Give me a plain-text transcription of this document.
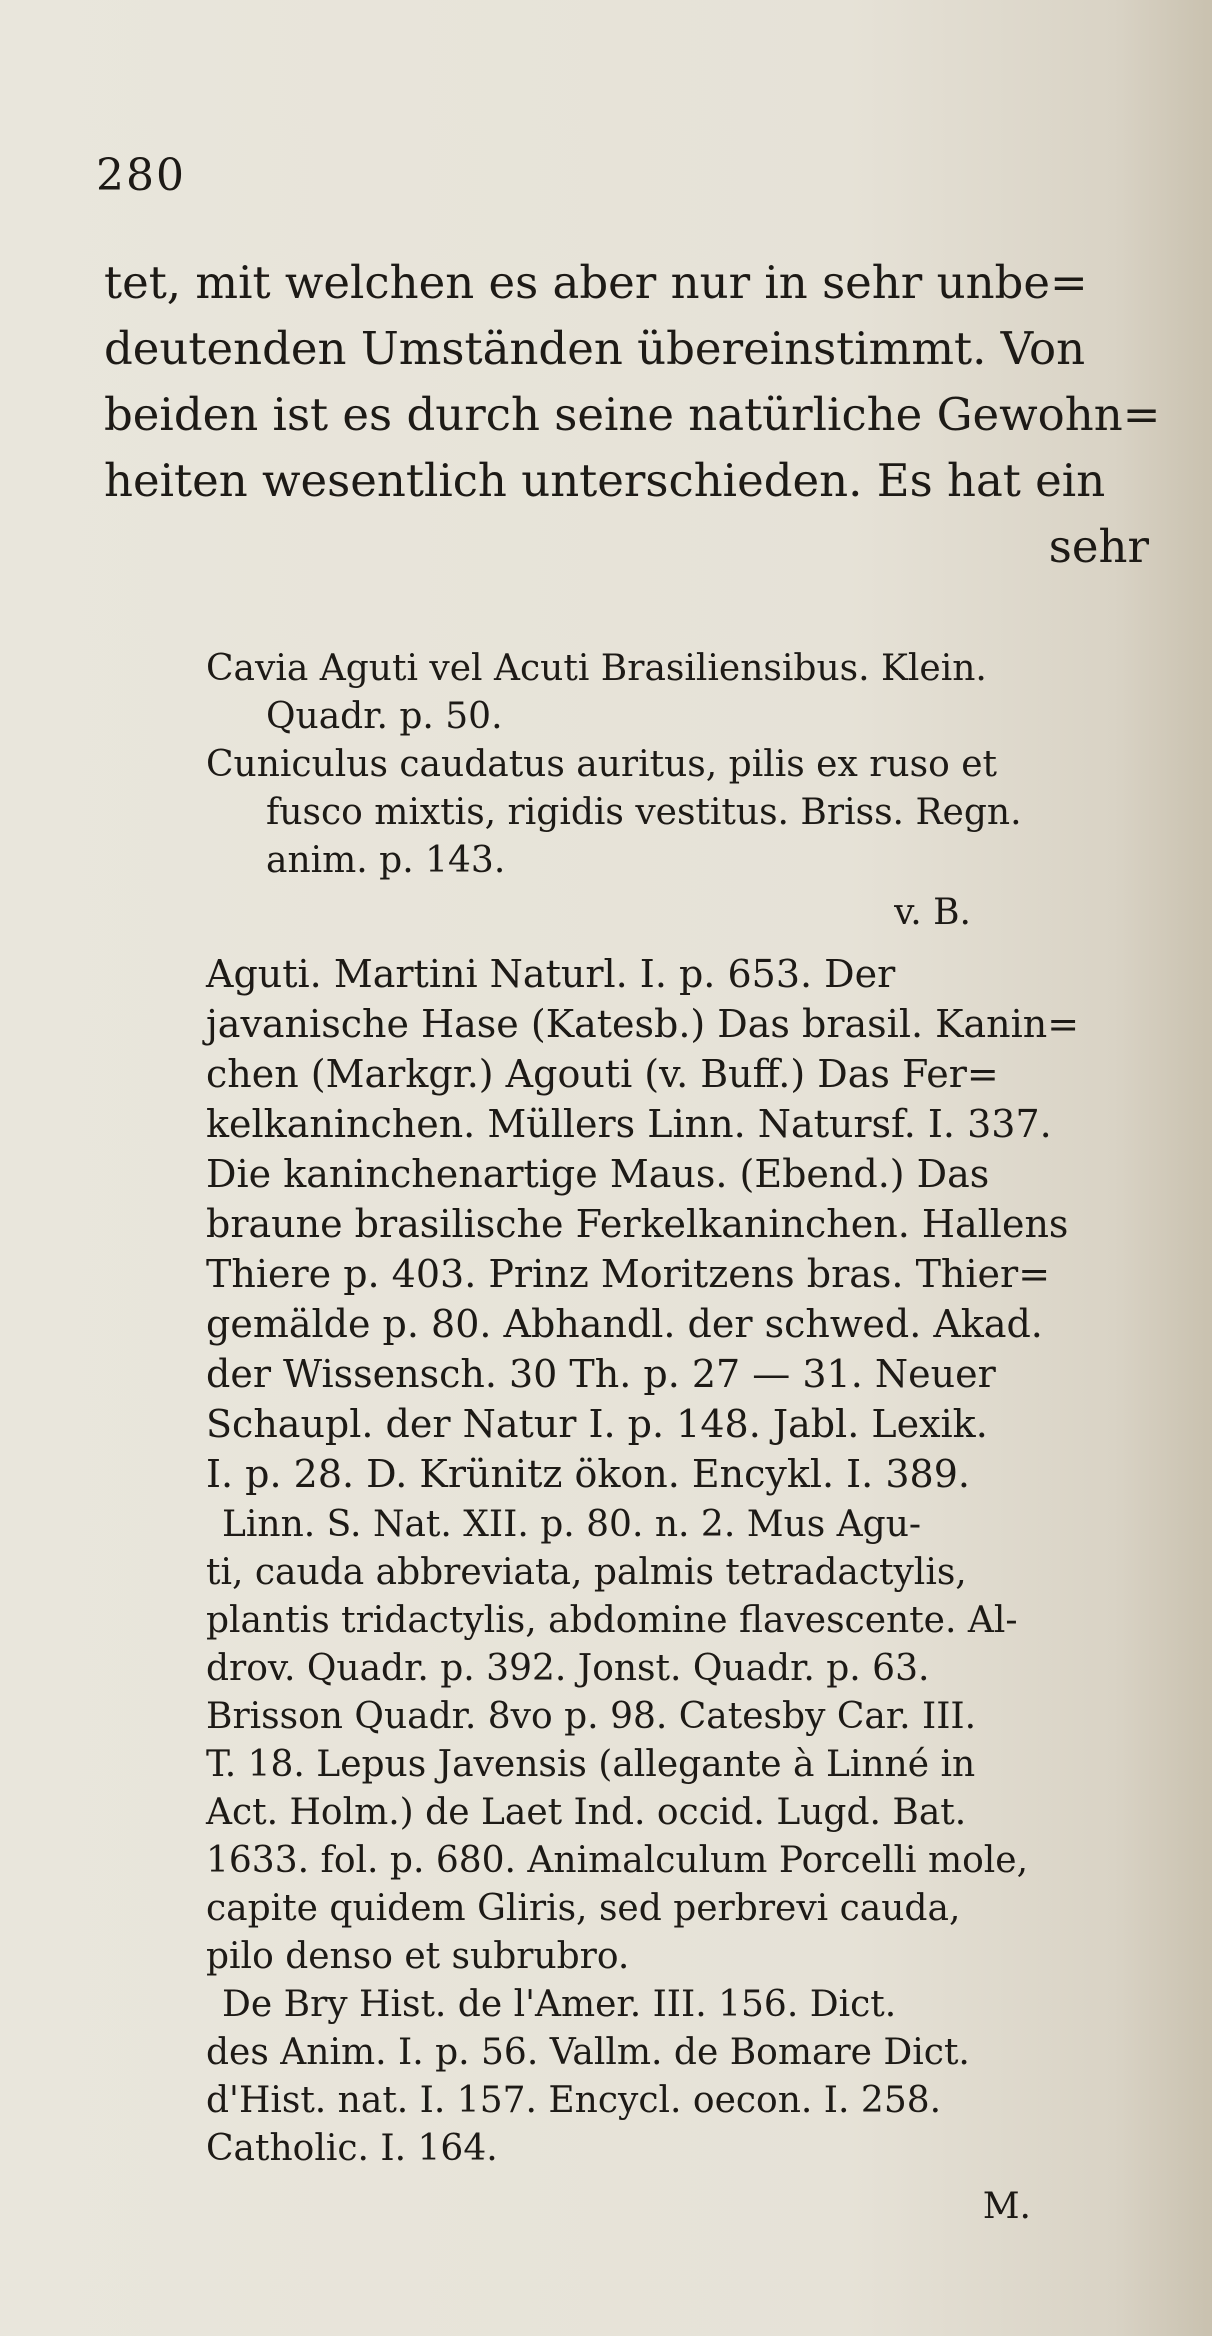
280
tet, mit welchen es aber nur in sehr unbe=
deutenden Umständen übereinstimmt. Von
beiden ist es durch seine natürliche Gewohn=
heiten wesentlich unterschieden. Es hat ein
sehr
Cavia Aguti vel Acuti Brasiliensibus. Klein.
Quadr. p. 50.
Cuniculus caudatus auritus, pilis ex ruso et
fusco mixtis, rigidis vestitus. Briss. Regn.
anim. p. 143.
v. B.
Aguti. Martini Naturl. I. p. 653. Der
javanische Hase (Katesb.) Das brasil. Kanin=
chen (Markgr.) Agouti (v. Buff.) Das Fer=
kelkaninchen. Müllers Linn. Natursf. I. 337.
Die kaninchenartige Maus. (Ebend.) Das
braune brasilische Ferkelkaninchen. Hallens
Thiere p. 403. Prinz Moritzens bras. Thier=
gemälde p. 80. Abhandl. der schwed. Akad.
der Wissensch. 30 Th. p. 27 — 31. Neuer
Schaupl. der Natur I. p. 148. Jabl. Lexik.
I. p. 28. D. Krünitz ökon. Encykl. I. 389.
Linn. S. Nat. XII. p. 80. n. 2. Mus Agu-
ti, cauda abbreviata, palmis tetradactylis,
plantis tridactylis, abdomine flavescente. Al-
drov. Quadr. p. 392. Jonst. Quadr. p. 63.
Brisson Quadr. 8vo p. 98. Catesby Car. III.
T. 18. Lepus Javensis (allegante à Linné in
Act. Holm.) de Laet Ind. occid. Lugd. Bat.
1633. fol. p. 680. Animalculum Porcelli mole,
capite quidem Gliris, sed perbrevi cauda,
pilo denso et subrubro.
De Bry Hist. de l'Amer. III. 156. Dict.
des Anim. I. p. 56. Vallm. de Bomare Dict.
d'Hist. nat. I. 157. Encycl. oecon. I. 258.
Catholic. I. 164.
M.
